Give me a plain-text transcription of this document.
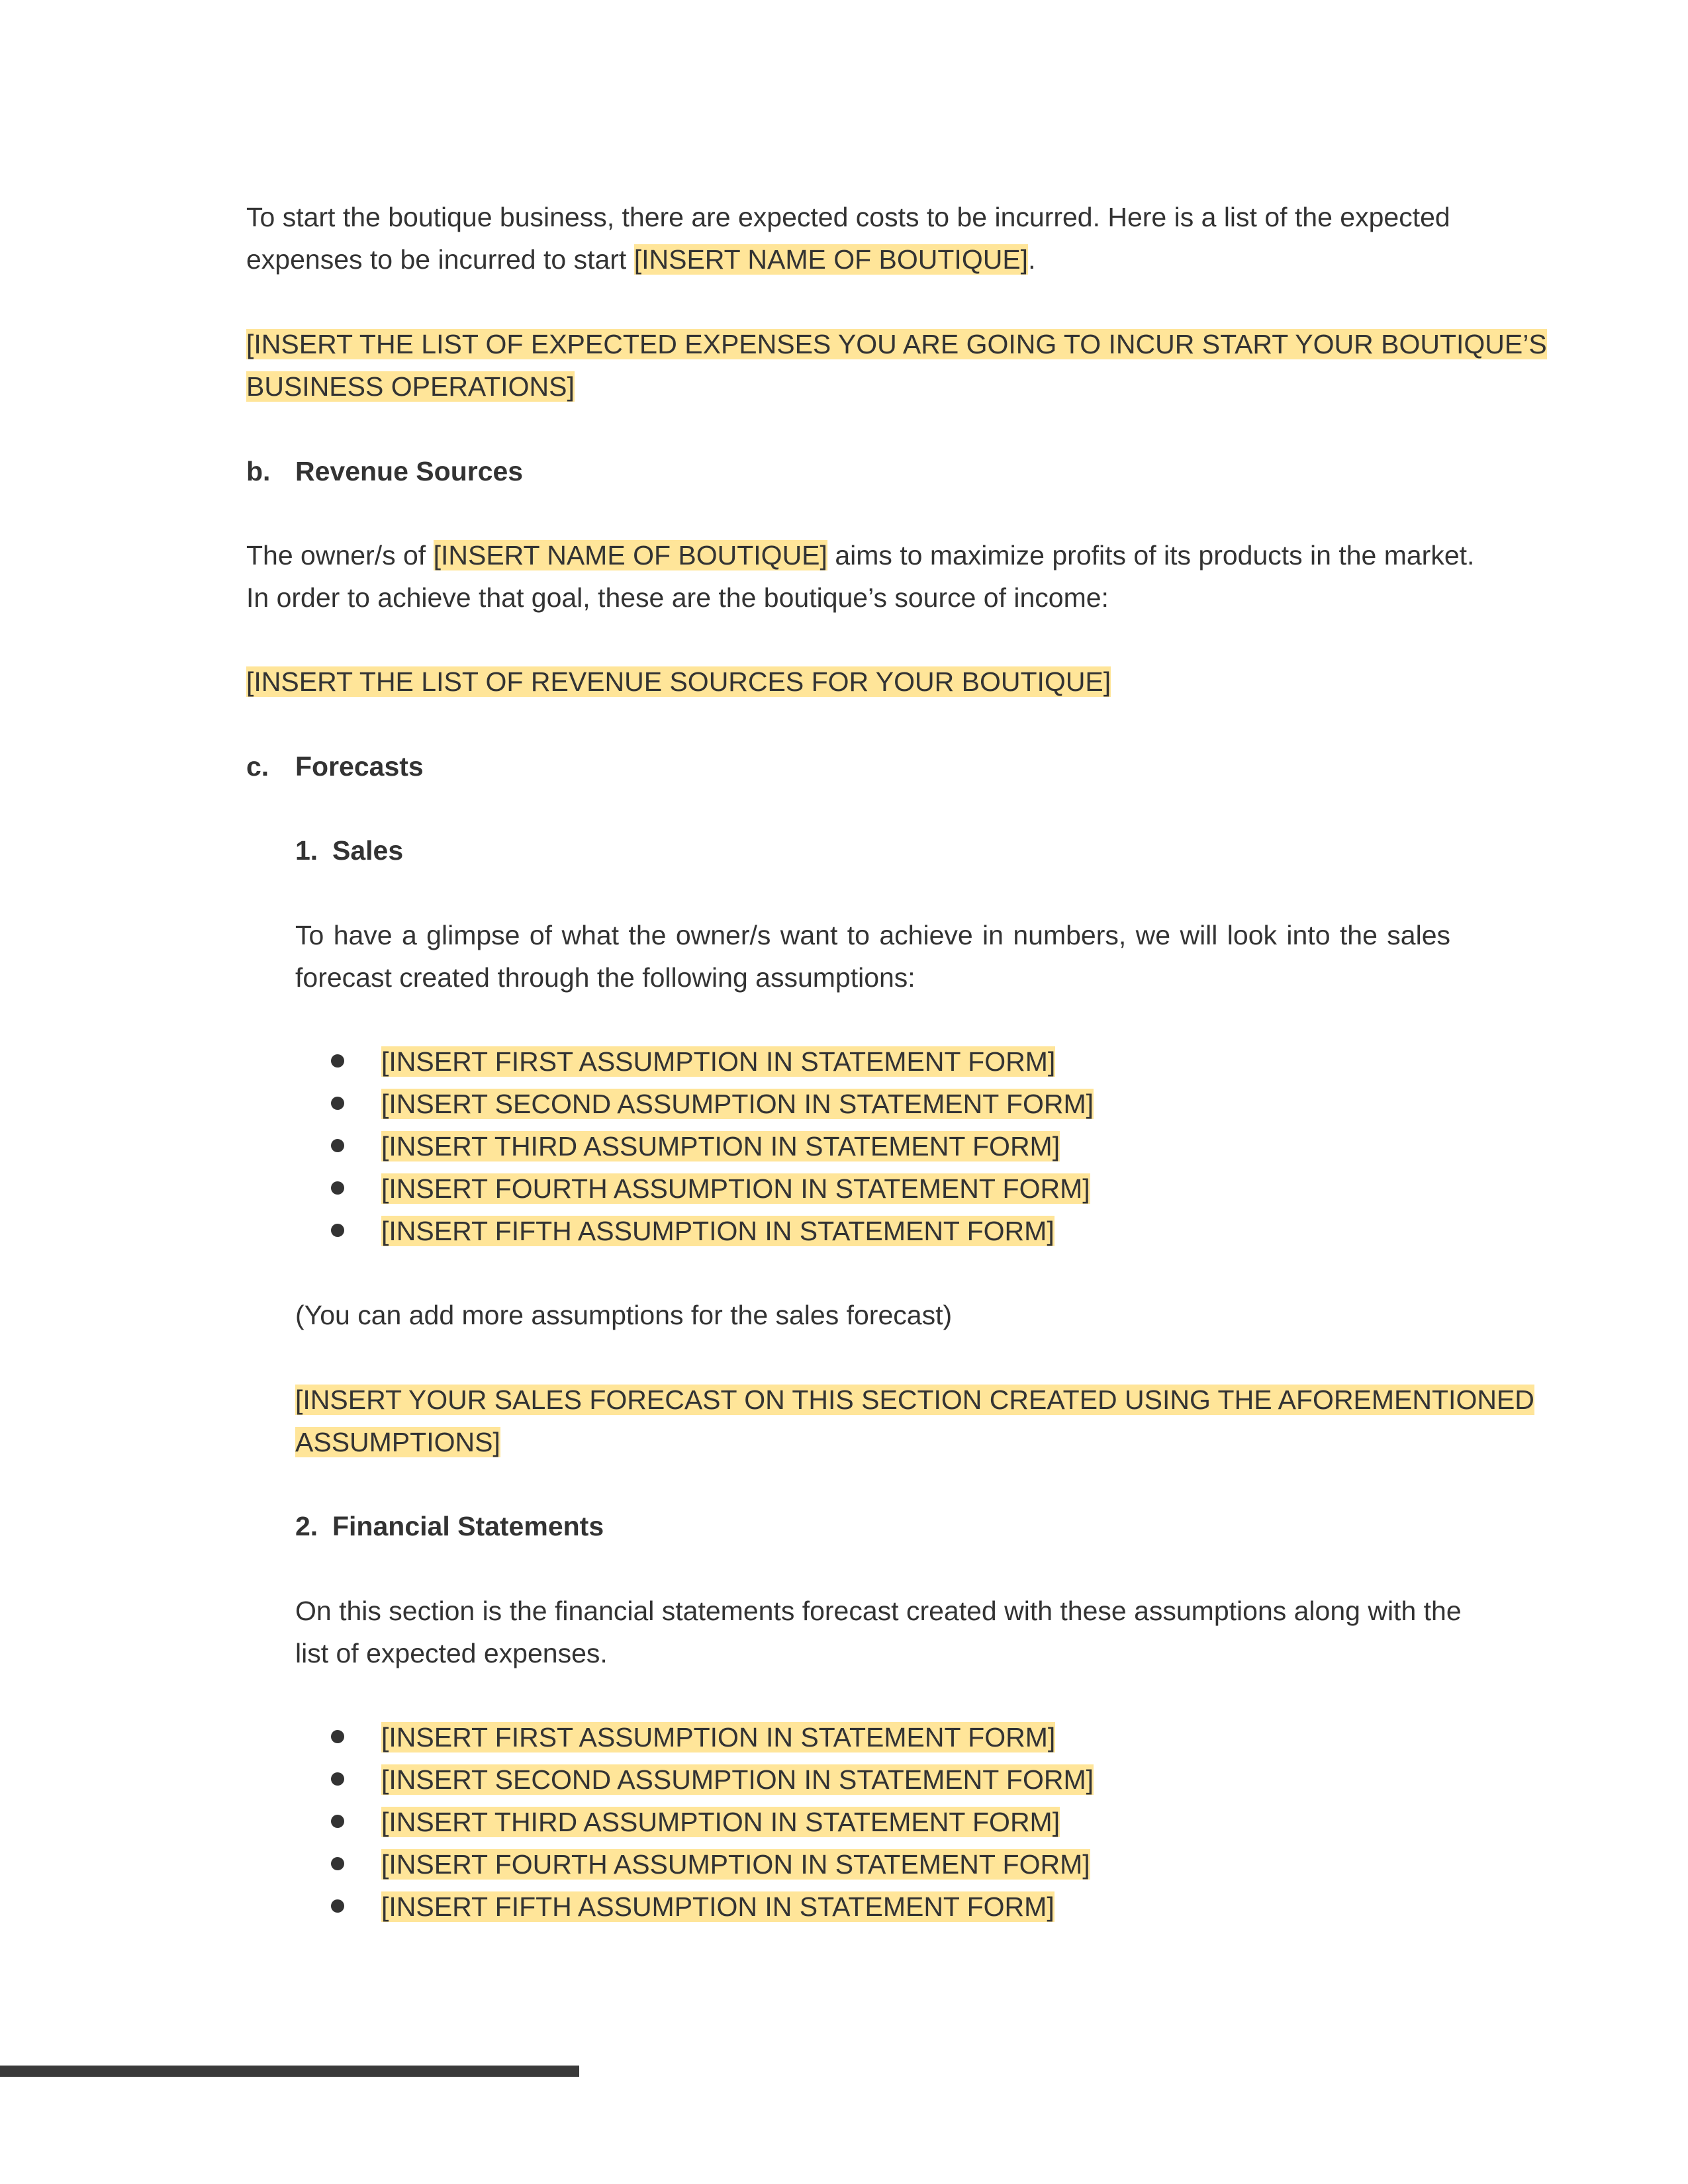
To start the boutique business, there are expected costs to be incurred. Here is a list of the expected
expenses to be incurred to start [INSERT NAME OF BOUTIQUE].
[INSERT THE LIST OF EXPECTED EXPENSES YOU ARE GOING TO INCUR START YOUR BOUTIQUE’S
BUSINESS OPERATIONS]
b. Revenue Sources
The owner/s of [INSERT NAME OF BOUTIQUE] aims to maximize profits of its products in the market.
In order to achieve that goal, these are the boutique’s source of income:
[INSERT THE LIST OF REVENUE SOURCES FOR YOUR BOUTIQUE]
c. Forecasts
1. Sales
To have a glimpse of what the owner/s want to achieve in numbers, we will look into the sales
forecast created through the following assumptions:
[INSERT FIRST ASSUMPTION IN STATEMENT FORM]
[INSERT SECOND ASSUMPTION IN STATEMENT FORM]
[INSERT THIRD ASSUMPTION IN STATEMENT FORM]
[INSERT FOURTH ASSUMPTION IN STATEMENT FORM]
[INSERT FIFTH ASSUMPTION IN STATEMENT FORM]
(You can add more assumptions for the sales forecast)
[INSERT YOUR SALES FORECAST ON THIS SECTION CREATED USING THE AFOREMENTIONED
ASSUMPTIONS]
2. Financial Statements
On this section is the financial statements forecast created with these assumptions along with the
list of expected expenses.
[INSERT FIRST ASSUMPTION IN STATEMENT FORM]
[INSERT SECOND ASSUMPTION IN STATEMENT FORM]
[INSERT THIRD ASSUMPTION IN STATEMENT FORM]
[INSERT FOURTH ASSUMPTION IN STATEMENT FORM]
[INSERT FIFTH ASSUMPTION IN STATEMENT FORM]
